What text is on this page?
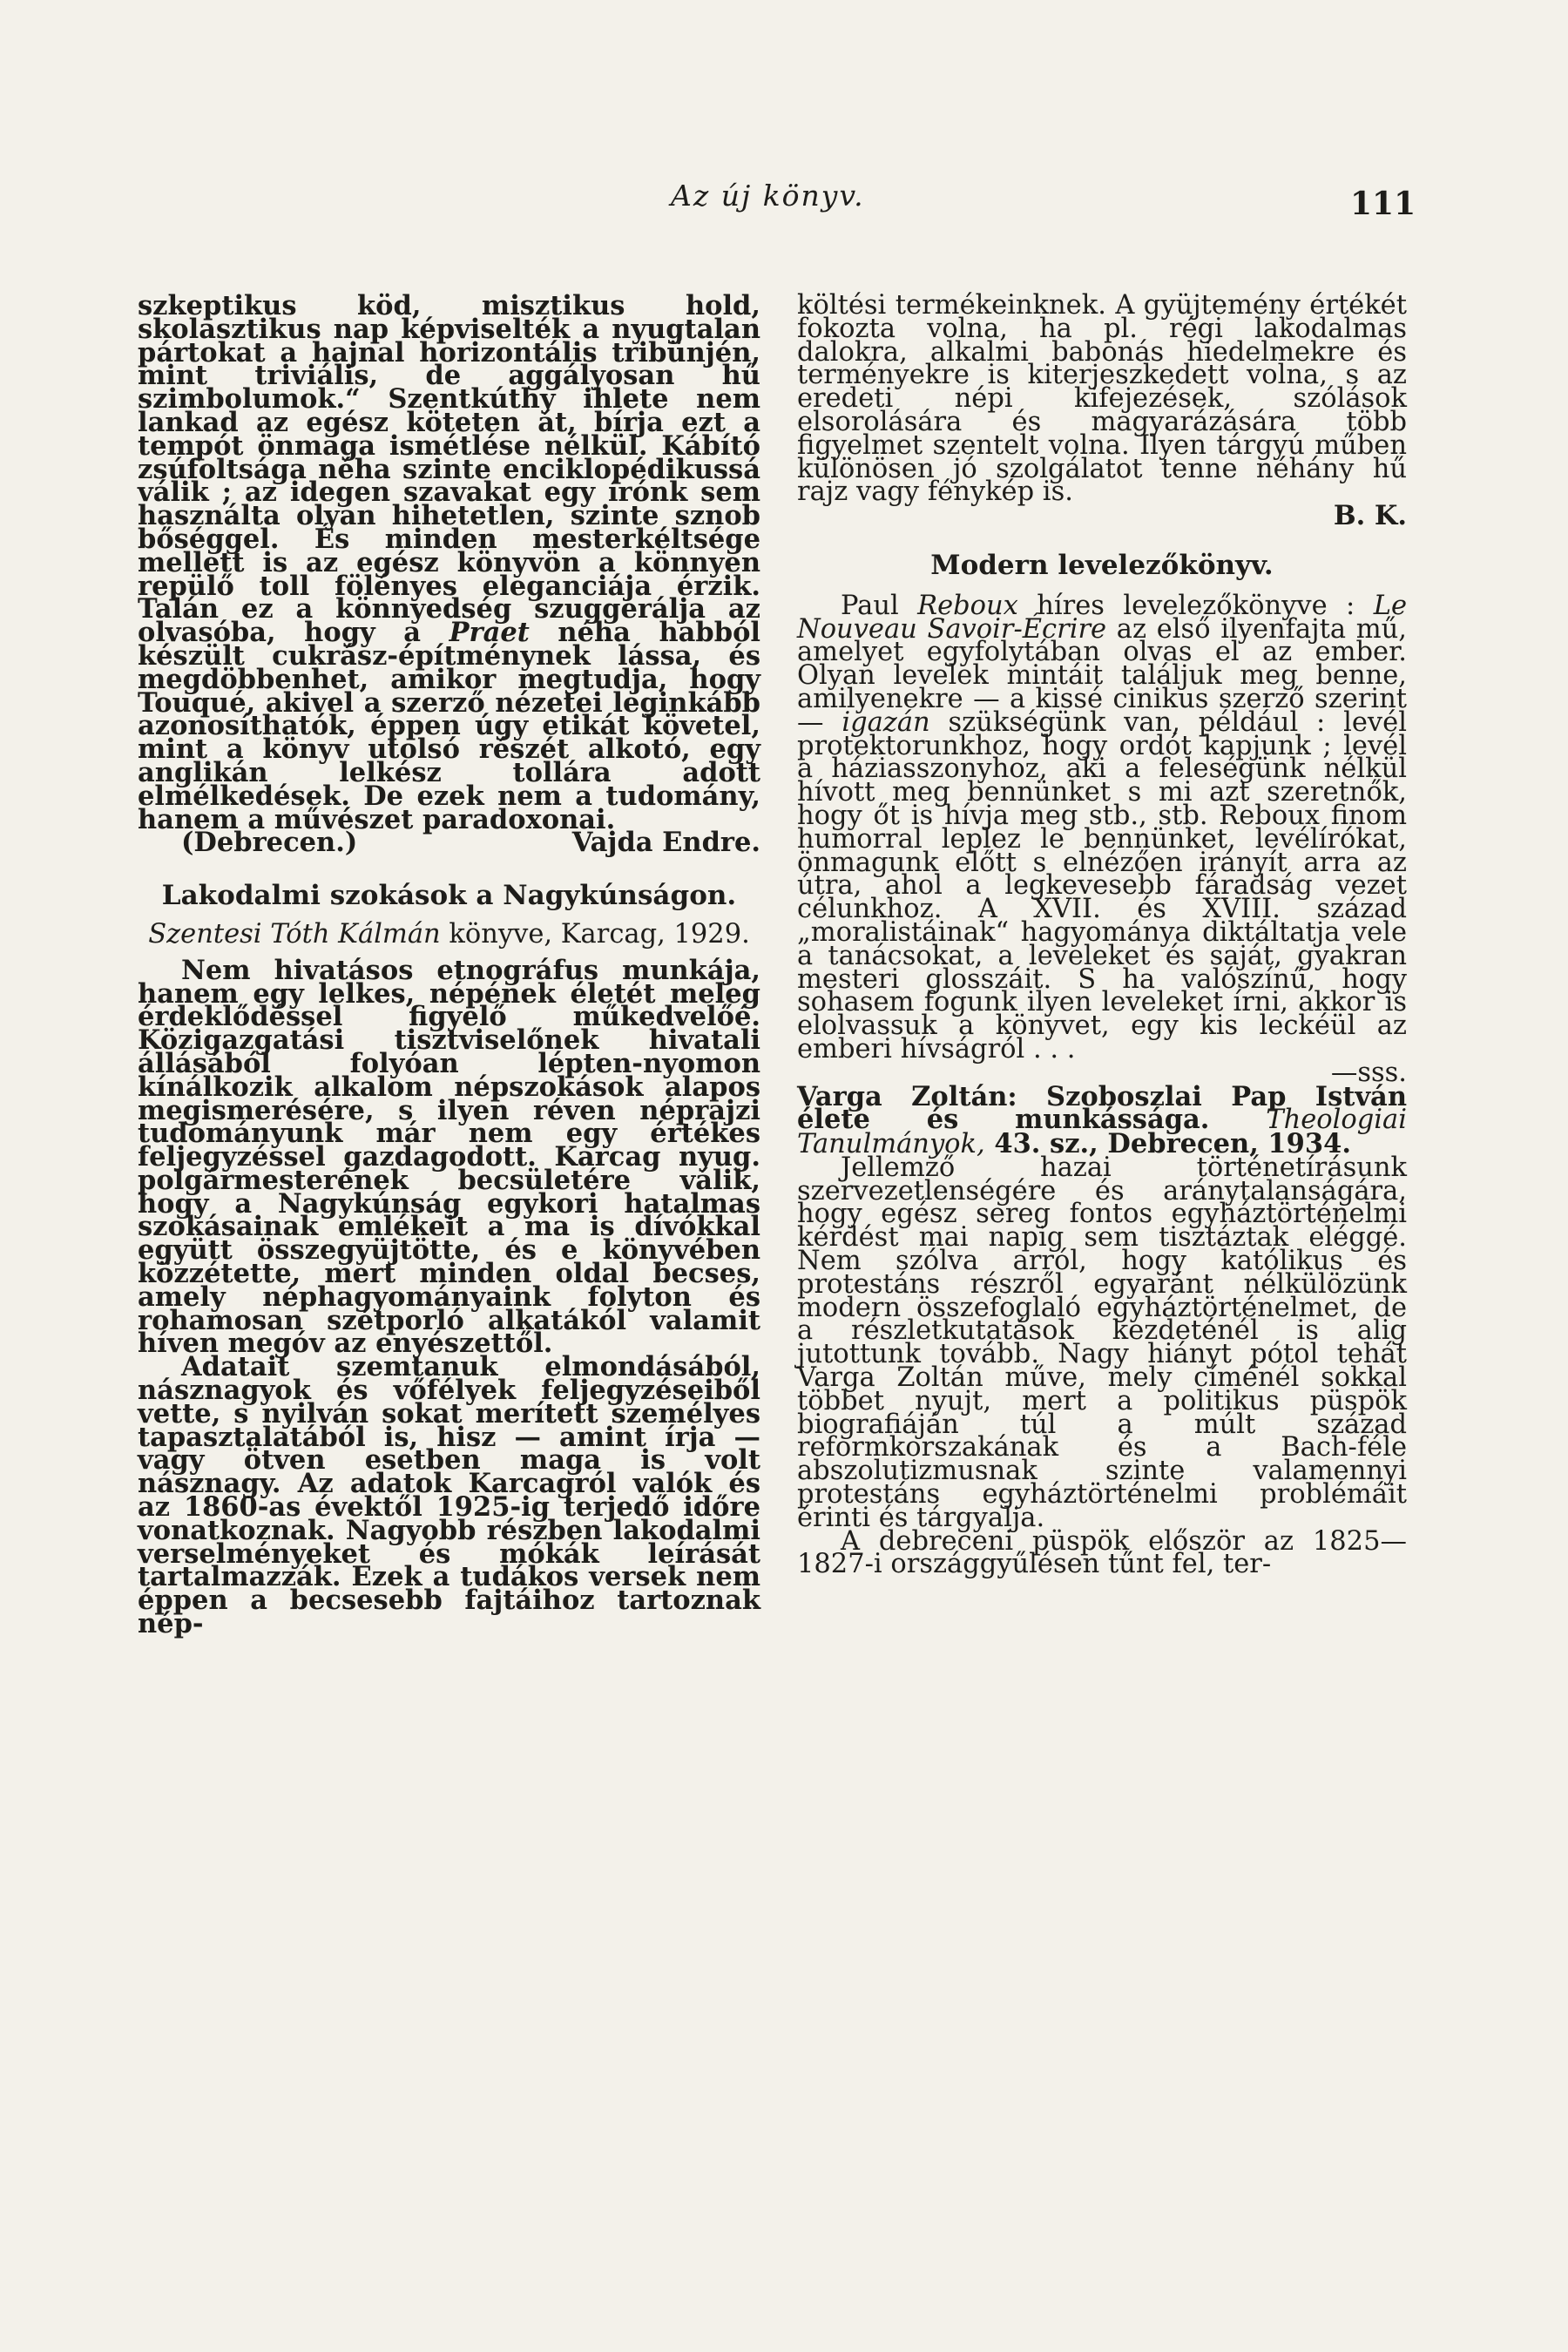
Az új könyv.	111

szkeptikus köd, misztikus hold, skolasztikus nap képviselték a nyugtalan pártokat a hajnal horizontális tribünjén, mint triviális, de aggályosan hű szimbolumok.“ Szentkúthy ihlete nem lankad az egész köteten át, bírja ezt a tempót önmaga ismétlése nélkül. Kábító zsúfoltsága néha szinte enciklopédikussá válik ; az idegen szavakat egy írónk sem használta olyan hihetetlen, szinte sznob bőséggel. És minden mesterkéltsége mellett is az egész könyvön a könnyen repülő toll fölényes eleganciája érzik. Talán ez a könnyedség szuggerálja az olvasóba, hogy a Praet néha habból készült cukrász-építménynek lássa, és megdöbbenhet, amikor megtudja, hogy Touqué, akivel a szerző nézetei leginkább azonosíthatók, éppen úgy etikát követel, mint a könyv utolsó részét alkotó, egy anglikán lelkész tollára adott elmélkedések. De ezek nem a tudomány, hanem a művészet paradoxonai.

(Debrecen.)	Vajda Endre.
Lakodalmi szokások a Nagykúnságon.

Szentesi Tóth Kálmán könyve, Karcag, 1929.

Nem hivatásos etnográfus munkája, hanem egy lelkes, népének életét meleg érdeklődéssel figyelő műkedvelőé. Közigazgatási tisztviselőnek hivatali állásából folyóan lépten-nyomon kínálkozik alkalom népszokások alapos megismerésére, s ilyen réven néprajzi tudományunk már nem egy értékes feljegyzéssel gazdagodott. Karcag nyug. polgármesterének becsületére válik, hogy a Nagykúnság egykori hatalmas szokásainak emlékeit a ma is dívókkal együtt összegyüjtötte, és e könyvében közzétette, mert minden oldal becses, amely néphagyományaink folyton és rohamosan szétporló alkatákól valamit híven megóv az enyészettől.

Adatait szemtanuk elmondásából, násznagyok és vőfélyek feljegyzéseiből vette, s nyilván sokat merített személyes tapasztalatából is, hisz — amint írja — vagy ötven esetben maga is volt násznagy. Az adatok Karcagról valók és az 1860-as évektől 1925-ig terjedő időre vonatkoznak. Nagyobb részben lakodalmi verselményeket és mókák leírását tartalmazzák. Ezek a tudákos versek nem éppen a becsesebb fajtáihoz tartoznak nép-

költési termékeinknek. A gyüjtemény értékét fokozta volna, ha pl. régi lakodalmas dalokra, alkalmi babonás hiedelmekre és terményekre is kiterjeszkedett volna, s az eredeti népi kifejezések, szólások elsorolására és magyarázására több figyelmet szentelt volna. Ilyen tárgyú műben különösen jó szolgálatot tenne néhány hű rajz vagy fénykép is.

B. K.
Modern levelezőkönyv.

Paul Reboux híres levelezőkönyve : Le Nouveau Savoir-Écrire az első ilyenfajta mű, amelyet egyfolytában olvas el az ember. Olyan levelek mintáit találjuk meg benne, amilyenekre — a kissé cinikus szerző szerint — igazán szükségünk van, például : levél protektorunkhoz, hogy ordót kapjunk ; levél a háziasszonyhoz, aki a feleségünk nélkül hívott meg bennünket s mi azt szeretnők, hogy őt is hívja meg stb., stb. Reboux finom humorral leplez le bennünket, levélírókat, önmagunk előtt s elnézően irányít arra az útra, ahol a legkevesebb fáradság vezet célunkhoz. A XVII. és XVIII. század „moralistáinak“ hagyománya diktáltatja vele a tanácsokat, a leveleket és saját, gyakran mesteri glosszáit. S ha valószínű, hogy sohasem fogunk ilyen leveleket írni, akkor is elolvassuk a könyvet, egy kis leckéül az emberi hívságról . . .

—sss.

Varga Zoltán: Szoboszlai Pap István élete és munkássága. Theologiai Tanulmányok, 43. sz., Debrecen, 1934.

Jellemző hazai történetírásunk szervezetlenségére és aránytalanságára, hogy egész sereg fontos egyháztörténelmi kérdést mai napig sem tisztáztak eléggé. Nem szólva arról, hogy katólikus és protestáns részről egyaránt nélkülözünk modern összefoglaló egyháztörténelmet, de a részletkutatások kezdeténél is alig jutottunk tovább. Nagy hiányt pótol tehát Varga Zoltán műve, mely címénél sokkal többet nyujt, mert a politikus püspök biografiáján túl a múlt század reformkorszakának és a Bach-féle abszolutizmusnak szinte valamennyi protestáns egyháztörténelmi problémáit érinti és tárgyalja.

A debreceni püspök először az 1825—1827-i országgyűlésen tűnt fel, ter-
